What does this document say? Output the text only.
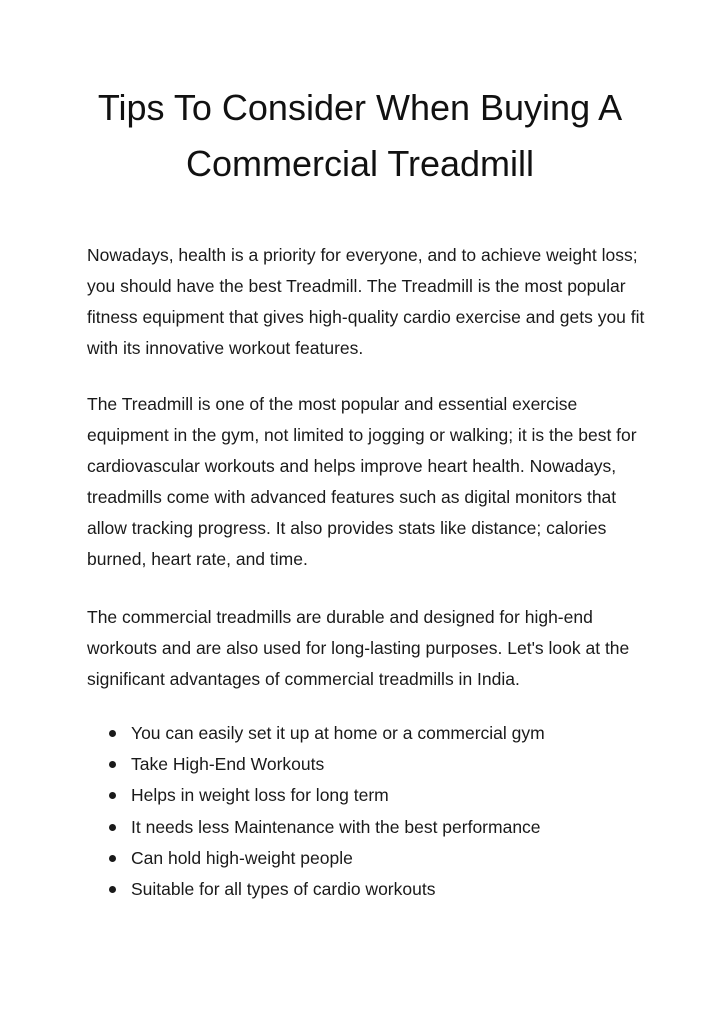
Tips To Consider When Buying A
Commercial Treadmill

Nowadays, health is a priority for everyone, and to achieve weight loss; you should have the best Treadmill. The Treadmill is the most popular fitness equipment that gives high-quality cardio exercise and gets you fit with its innovative workout features.

The Treadmill is one of the most popular and essential exercise equipment in the gym, not limited to jogging or walking; it is the best for cardiovascular workouts and helps improve heart health. Nowadays, treadmills come with advanced features such as digital monitors that allow tracking progress. It also provides stats like distance; calories burned, heart rate, and time.

The commercial treadmills are durable and designed for high-end workouts and are also used for long-lasting purposes. Let's look at the significant advantages of commercial treadmills in India.

You can easily set it up at home or a commercial gym
Take High-End Workouts
Helps in weight loss for long term
It needs less Maintenance with the best performance
Can hold high-weight people
Suitable for all types of cardio workouts
